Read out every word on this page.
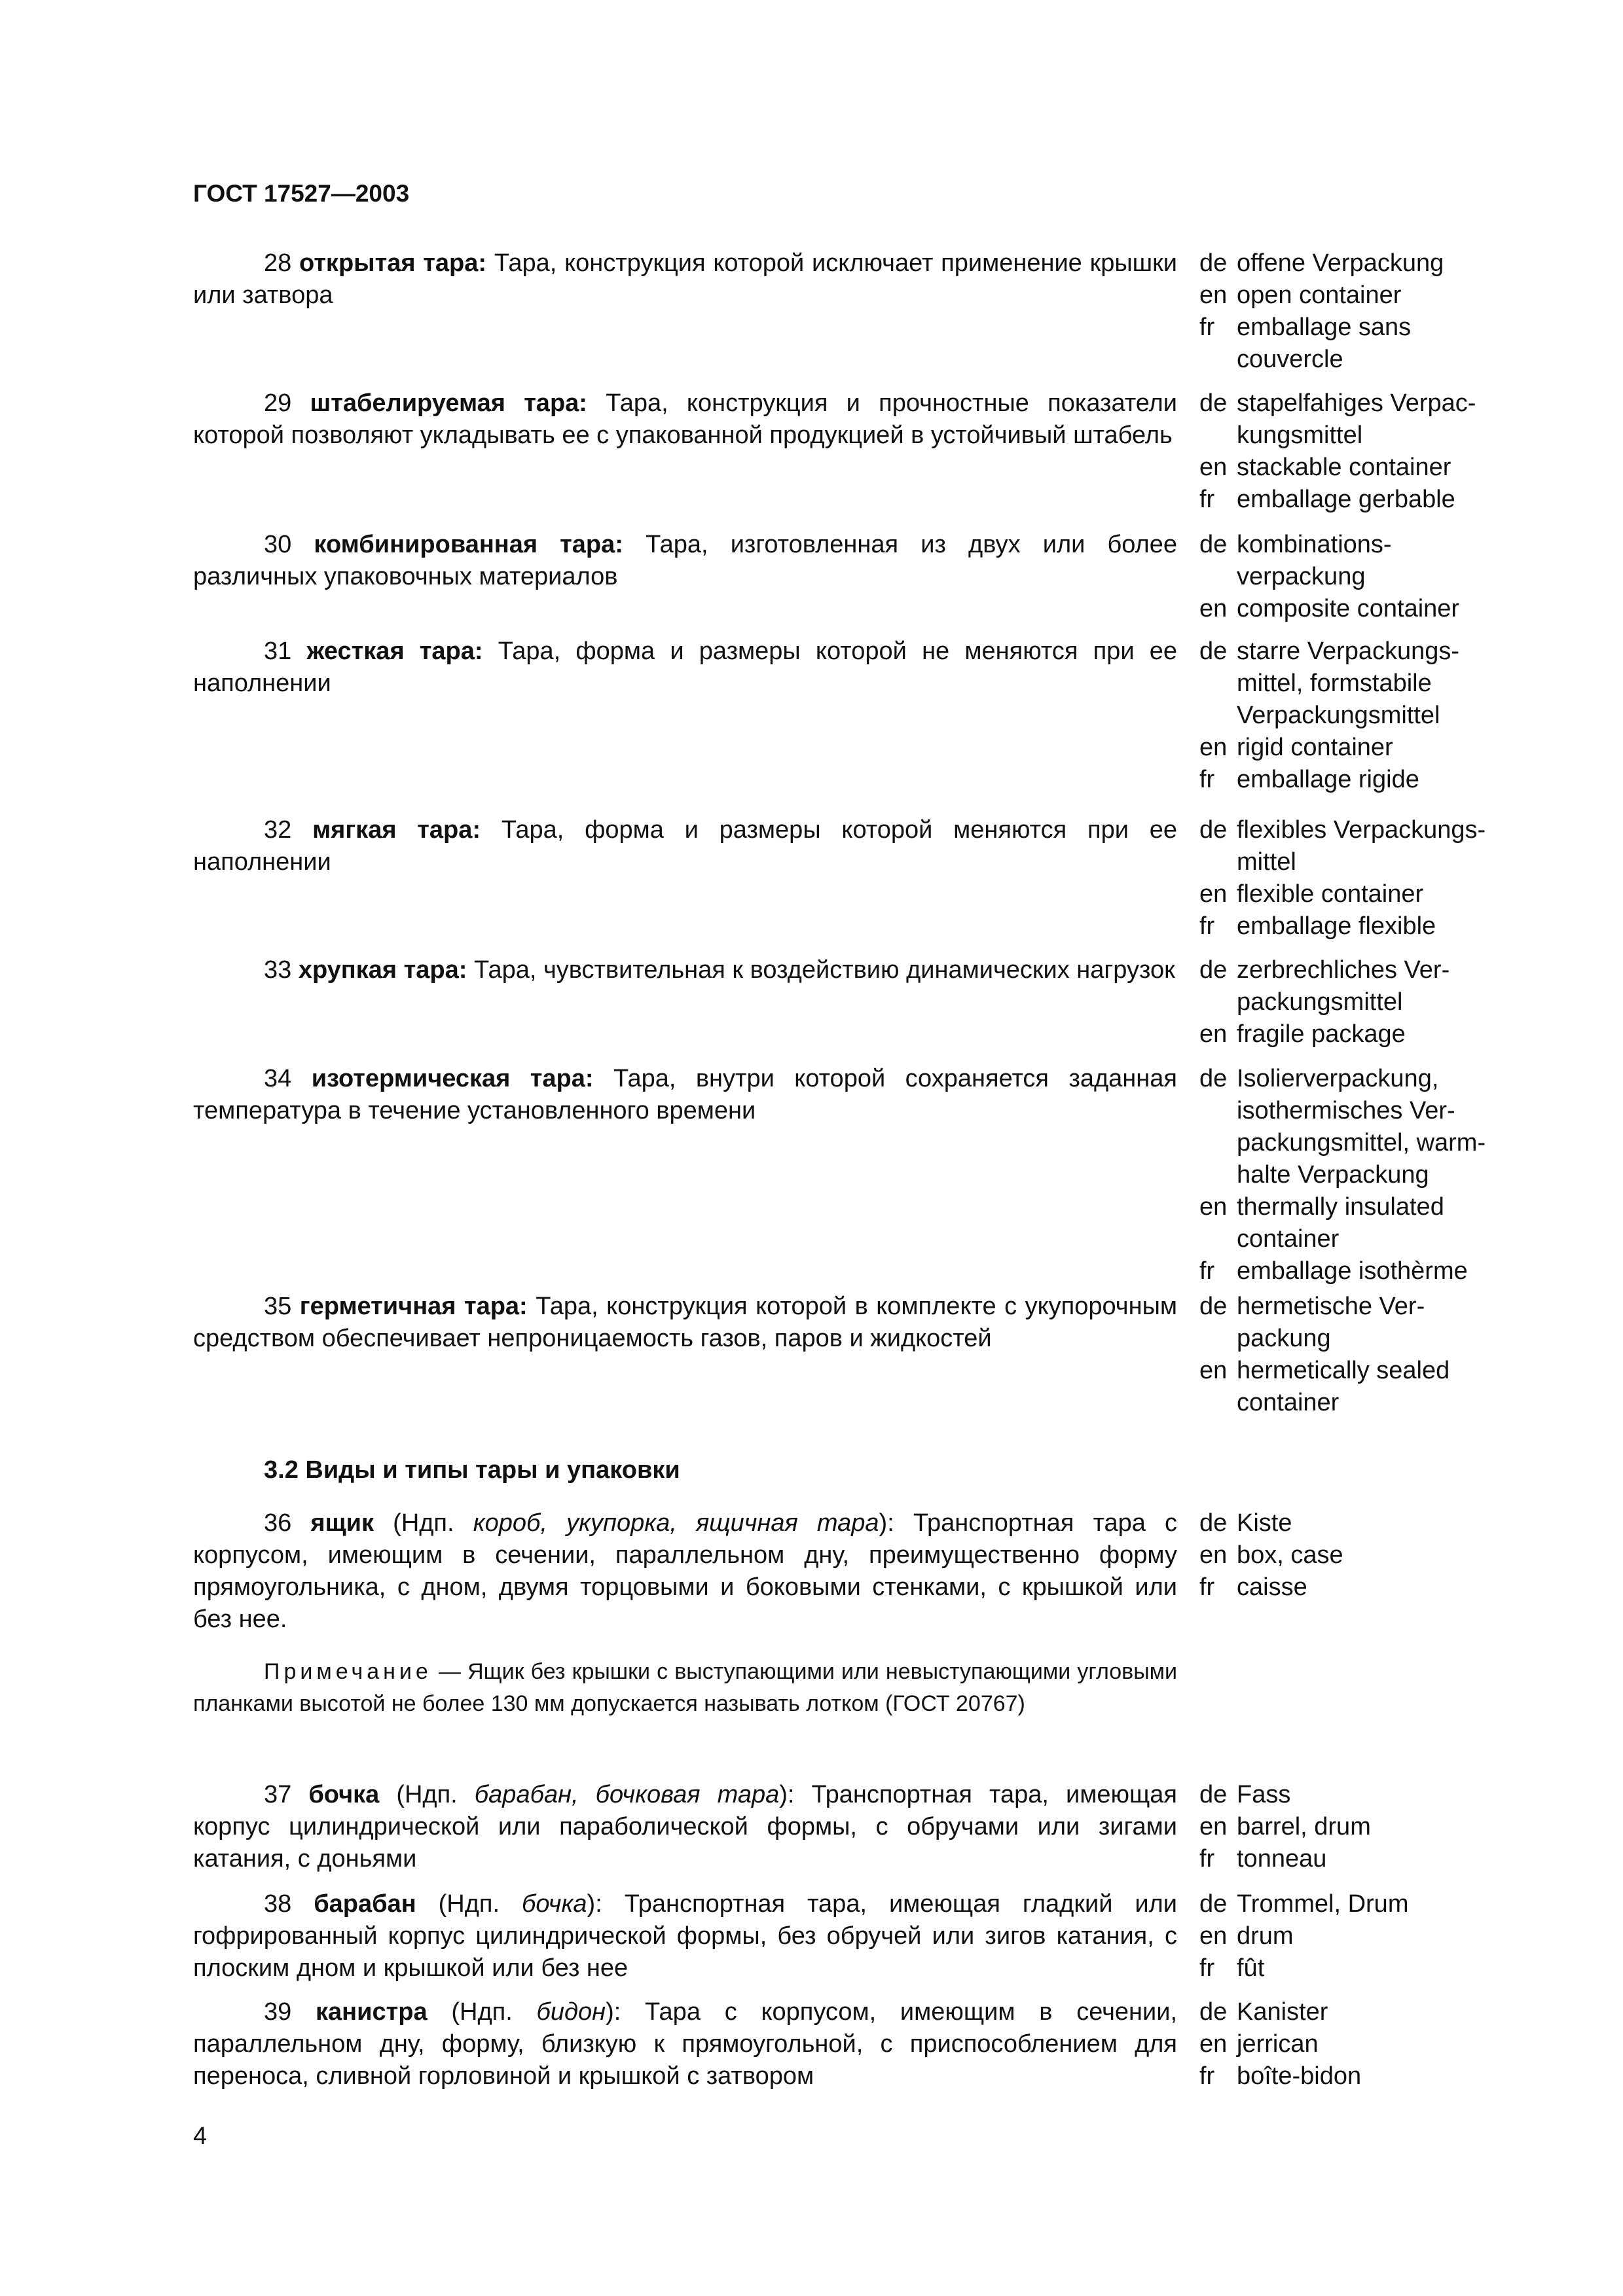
ГОСТ 17527—2003
3.2 Виды и типы тары и упаковки

Примечание — Ящик без крышки с выступающими или невыступающими угловыми планками высотой не более 130 мм допускается называть лотком (ГОСТ 20767)

4

28 открытая тара: Тара, конструкция которой исключает применение крышки или затвора

de offene Verpackung
en open container
fr emballage sans
couvercle

29 штабелируемая тара: Тара, конструкция и прочностные показатели которой позволяют укладывать ее с упакованной продукцией в устойчивый штабель

de stapelfahiges Verpac-
kungsmittel
en stackable container
fr emballage gerbable

30 комбинированная тара: Тара, изготовленная из двух или более различных упаковочных материалов

de kombinations-
verpackung
en composite container

31 жесткая тара: Тара, форма и размеры которой не меняются при ее наполнении

de starre Verpackungs-
mittel, formstabile
Verpackungsmittel
en rigid container
fr emballage rigide

32 мягкая тара: Тара, форма и размеры которой меняются при ее наполнении

de flexibles Verpackungs-
mittel
en flexible container
fr emballage flexible

33 хрупкая тара: Тара, чувствительная к воздействию динамических нагрузок de zerbrechliches Ver-
packungsmittel
en fragile package

34 изотермическая тара: Тара, внутри которой сохраняется заданная температура в течение установленного времени

de Isolierverpackung,
isothermisches Ver-
packungsmittel, warm-
halte Verpackung
en thermally insulated
container
fr emballage isothèrme

35 герметичная тара: Тара, конструкция которой в комплекте с укупорочным средством обеспечивает непроницаемость газов, паров и жидкостей

de hermetische Ver-
packung
en hermetically sealed
container

36 ящик (Ндп. короб, укупорка, ящичная тара): Транспортная тара с корпусом, имеющим в сечении, параллельном дну, преимущественно форму прямоугольника, с дном, двумя торцовыми и боковыми стенками, с крышкой или без нее.

de Kiste
en box, case
fr caisse

37 бочка (Ндп. барабан, бочковая тара): Транспортная тара, имеющая корпус цилиндрической или параболической формы, с обручами или зигами катания, с доньями

de Fass
en barrel, drum
fr tonneau

38 барабан (Ндп. бочка): Транспортная тара, имеющая гладкий или гофрированный корпус цилиндрической формы, без обручей или зигов катания, с плоским дном и крышкой или без нее

de Trommel, Drum
en drum
fr fût

39 канистра (Ндп. бидон): Тара с корпусом, имеющим в сечении, параллельном дну, форму, близкую к прямоугольной, с приспособлением для переноса, сливной горловиной и крышкой с затвором

de Kanister
en jerrican
fr boîte-bidon
